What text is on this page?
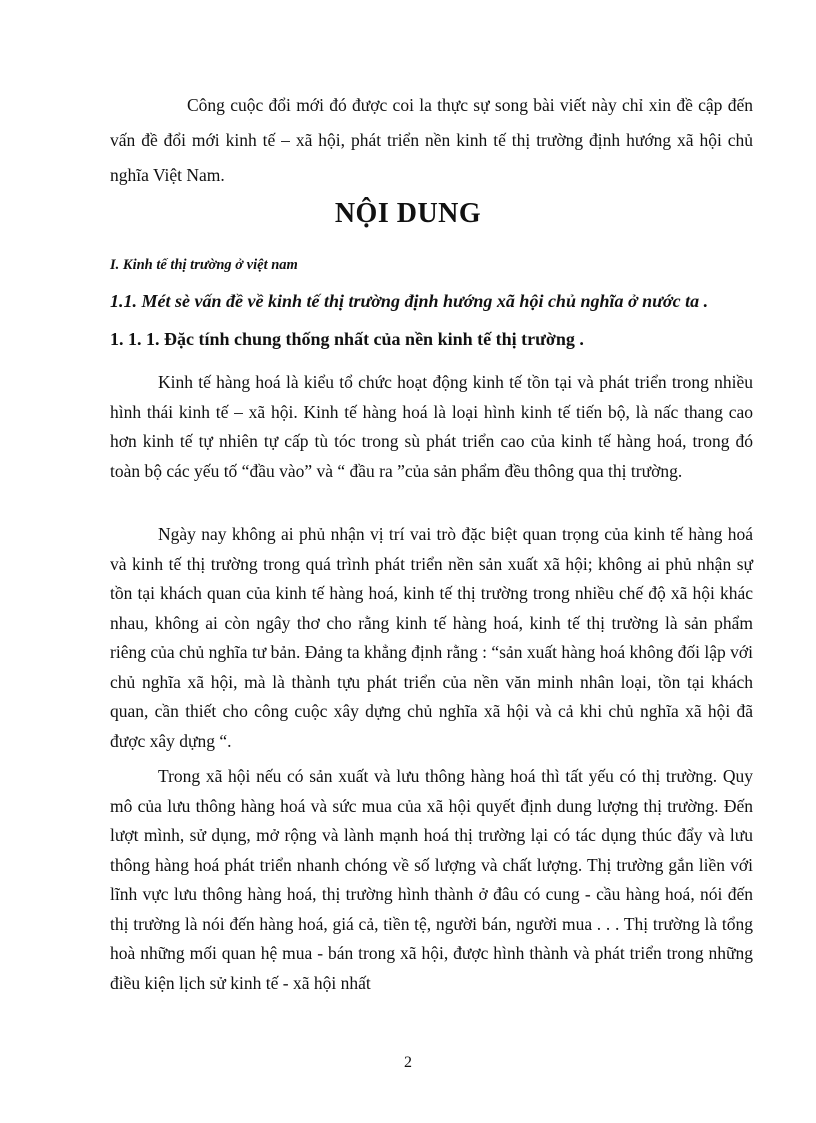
Công cuộc đổi mới đó được coi la thực sự song bài viết này chỉ xin đề cập đến vấn đề đổi mới kinh tế – xã hội, phát triển nền kinh tế thị trường định hướng xã hội chủ nghĩa Việt Nam.

NỘI DUNG
I. Kinh tế thị trường ở việt nam
1.1. Mét sè vấn đề về kinh tế thị trường định hướng xã hội chủ nghĩa ở nước ta .
1. 1. 1. Đặc tính chung thống nhất của nền kinh tế thị trường .

Kinh tế hàng hoá là kiểu tổ chức hoạt động kinh tế tồn tại và phát triển trong nhiều hình thái kinh tế – xã hội. Kinh tế hàng hoá là loại hình kinh tế tiến bộ, là nấc thang cao hơn kinh tế tự nhiên tự cấp tù tóc trong sù phát triển cao của kinh tế hàng hoá, trong đó toàn bộ các yếu tố “đầu vào” và “ đầu ra ”của sản phẩm đều thông qua thị trường.

Ngày nay không ai phủ nhận vị trí vai trò đặc biệt quan trọng của kinh tế hàng hoá và kinh tế thị trường trong quá trình phát triển nền sản xuất xã hội; không ai phủ nhận sự tồn tại khách quan của kinh tế hàng hoá, kinh tế thị trường trong nhiều chế độ xã hội khác nhau, không ai còn ngây thơ cho rằng kinh tế hàng hoá, kinh tế thị trường là sản phẩm riêng của chủ nghĩa tư bản. Đảng ta khẳng định rằng : “sản xuất hàng hoá không đối lập với chủ nghĩa xã hội, mà là thành tựu phát triển của nền văn minh nhân loại, tồn tại khách quan, cần thiết cho công cuộc xây dựng chủ nghĩa xã hội và cả khi chủ nghĩa xã hội đã được xây dựng “.

Trong xã hội nếu có sản xuất và lưu thông hàng hoá thì tất yếu có thị trường. Quy mô của lưu thông hàng hoá và sức mua của xã hội quyết định dung lượng thị trường. Đến lượt mình, sử dụng, mở rộng và lành mạnh hoá thị trường lại có tác dụng thúc đẩy và lưu thông hàng hoá phát triển nhanh chóng về số lượng và chất lượng. Thị trường gắn liền với lĩnh vực lưu thông hàng hoá, thị trường hình thành ở đâu có cung - cầu hàng hoá, nói đến thị trường là nói đến hàng hoá, giá cả, tiền tệ, người bán, người mua . . . Thị trường là tổng hoà những mối quan hệ mua - bán trong xã hội, được hình thành và phát triển trong những điều kiện lịch sử kinh tế - xã hội nhất

2
